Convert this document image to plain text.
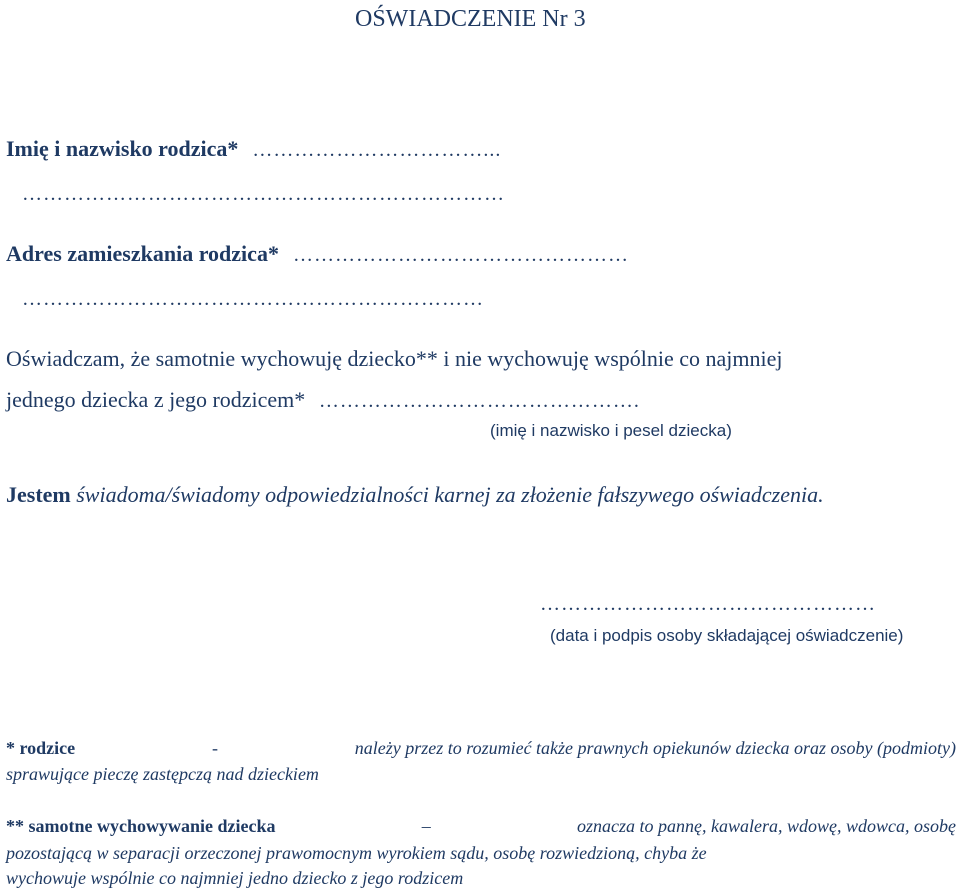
OŚWIADCZENIE Nr 3
Imię i nazwisko rodzica* ……………………………...
……………………………………………………………
Adres zamieszkania rodzica* …………………………………………
…………………………………………………………
Oświadczam, że samotnie wychowuję dziecko** i nie wychowuję wspólnie co najmniej
jednego dziecka z jego rodzicem* ……………………………………….
(imię i nazwisko i pesel dziecka)
Jestem świadoma/świadomy odpowiedzialności karnej za złożenie fałszywego oświadczenia.
…………………………………………
(data i podpis osoby składającej oświadczenie)
* rodzice	-	należy przez to rozumieć także prawnych opiekunów dziecka oraz osoby (podmioty)
sprawujące pieczę zastępczą nad dzieckiem
** samotne wychowywanie dziecka	–	oznacza to pannę, kawalera, wdowę, wdowca, osobę
pozostającą w separacji orzeczonej prawomocnym wyrokiem sądu, osobę rozwiedzioną, chyba że
wychowuje wspólnie co najmniej jedno dziecko z jego rodzicem
